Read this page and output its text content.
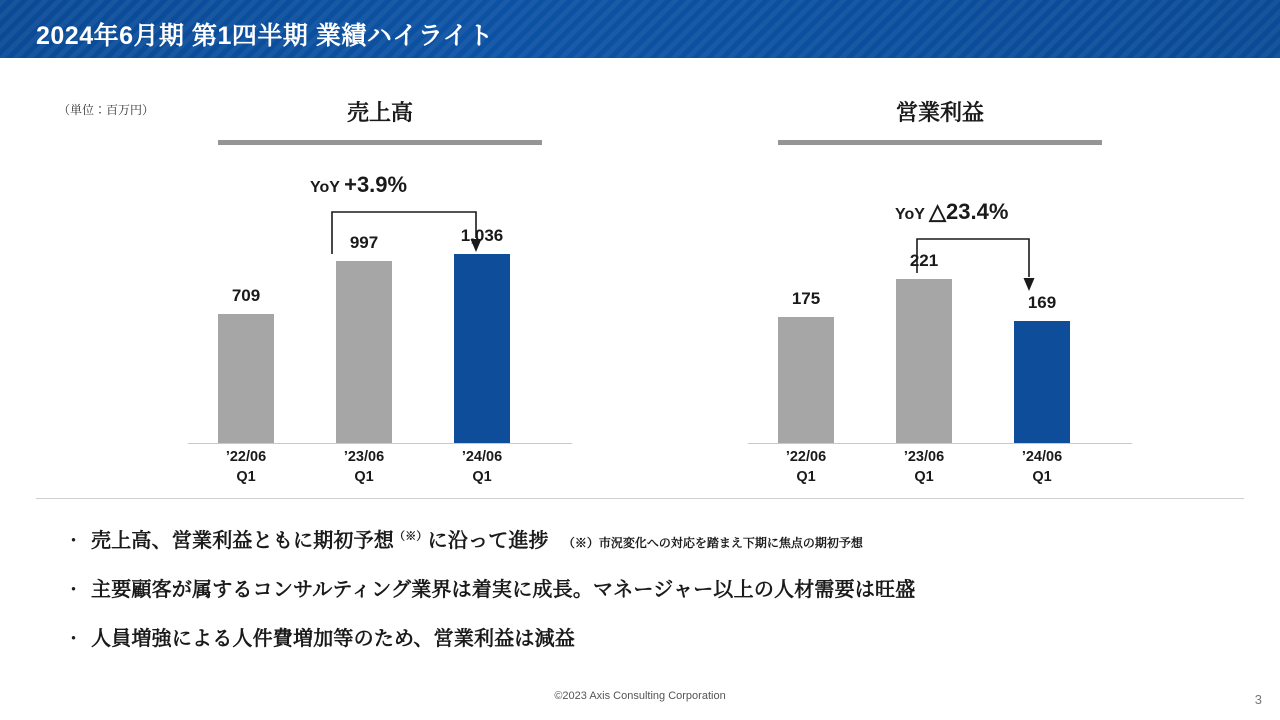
2024年6月期 第1四半期 業績ハイライト
（単位：百万円）	売上高
YoY +3.9%
709
997	1,036
’22/06
Q1
’23/06
Q1
’24/06
Q1
営業利益
YoY △23.4%
175
221
169
’22/06
Q1
’23/06
Q1
’24/06
Q1
・ 売上高、営業利益ともに期初予想（※）に沿って進捗 （※）市況変化への対応を踏まえ下期に焦点の期初予想
・ 主要顧客が属するコンサルティング業界は着実に成長。マネージャー以上の人材需要は旺盛
・ 人員増強による人件費増加等のため、営業利益は減益
©2023 Axis Consulting Corporation	3
